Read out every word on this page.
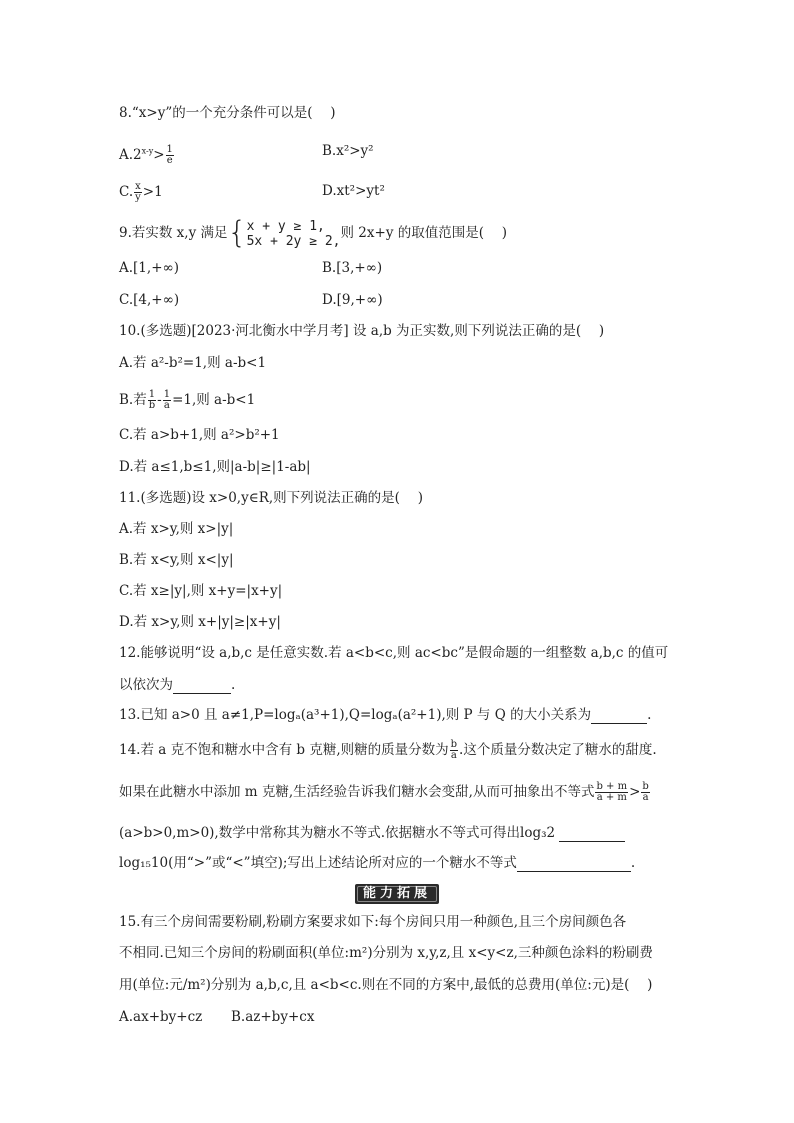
8.“x>y”的一个充分条件可以是(　 )
$A.2^{x-y}> \frac{1}{e}$	B.x²>y²
C. $\frac{x}{y} >1$	D.xt²>yt²
9.若实数 x,y 满足{ x + y ≥ 1,
5x + 2y ≥ 2, 则 2x+y 的取值范围是(　 )
A.[1,+∞)	B.[3,+∞)
C.[4,+∞)	D.[9,+∞)
10.(多选题)[2023·河北衡水中学月考] 设 a,b 为正实数,则下列说法正确的是(　 )
A.若 a²-b²=1,则 a-b<1
B.若 $\frac{1}{b} - \frac{1}{a} =1$,则 a-b<1
C.若 a>b+1,则 a²>b²+1
D.若 a≤1,b≤1,则|a-b|≥|1-ab|
11.(多选题)设 x>0,y∈R,则下列说法正确的是(　 )
A.若 x>y,则 x>|y|
B.若 x<y,则 x<|y|
C.若 x≥|y|,则 x+y=|x+y|
D.若 x>y,则 x+|y|≥|x+y|
12.能够说明“设 a,b,c 是任意实数.若 a<b<c,则 ac<bc”是假命题的一组整数 a,b,c 的值可
以依次为	.
13.已知 a>0 且 a≠1,P=logₐ(a³+1),Q=logₐ(a²+1),则 P 与 Q 的大小关系为	.
14.若 a 克不饱和糖水中含有 b 克糖,则糖的质量分数为 $\frac{b}{a}$ .这个质量分数决定了糖水的甜度.
如果在此糖水中添加 m 克糖,生活经验告诉我们糖水会变甜,从而可抽象出不等式 $\frac{b + m}{a + m} > \frac{b}{a}$
(a>b>0,m>0),数学中常称其为糖水不等式.依据糖水不等式可得出log₃2
log₁₅10(用“>”或“<”填空);写出上述结论所对应的一个糖水不等式	.
能力拓展
15.有三个房间需要粉刷,粉刷方案要求如下:每个房间只用一种颜色,且三个房间颜色各
不相同.已知三个房间的粉刷面积(单位:m²)分别为 x,y,z,且 x<y<z,三种颜色涂料的粉刷费
用(单位:元/m²)分别为 a,b,c,且 a<b<c.则在不同的方案中,最低的总费用(单位:元)是(　 )
A.ax+by+cz B.az+by+cx
